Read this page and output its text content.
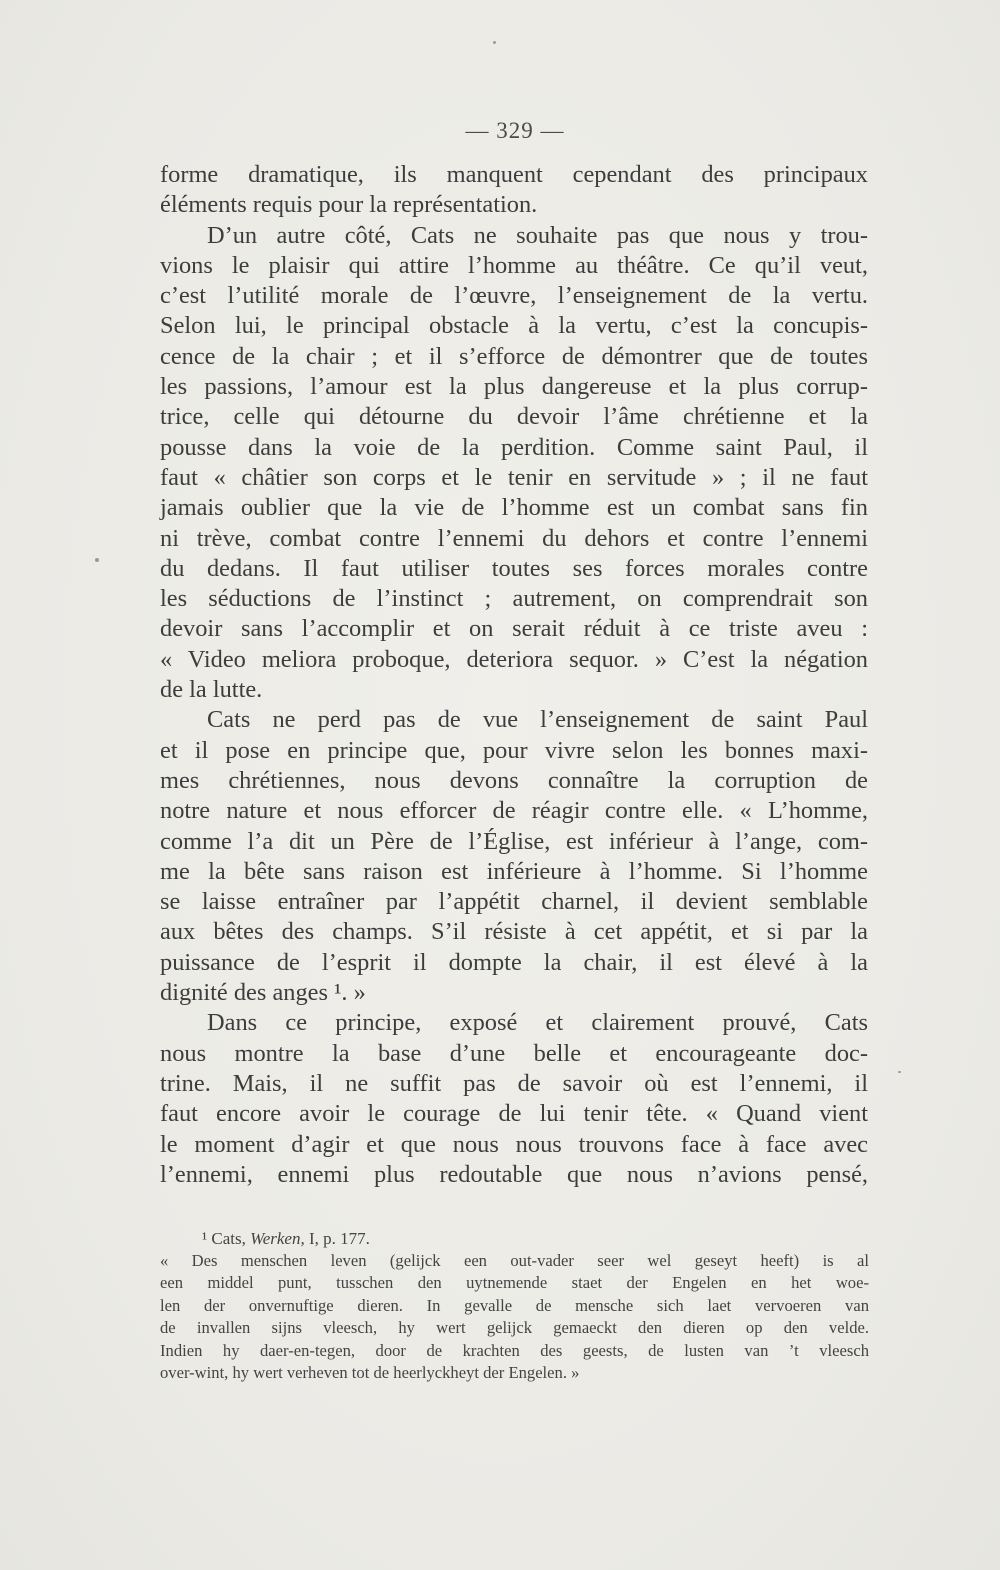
— 329 —
forme dramatique, ils manquent cependant des principaux
éléments requis pour la représentation.
D’un autre côté, Cats ne souhaite pas que nous y trou-
vions le plaisir qui attire l’homme au théâtre. Ce qu’il veut,
c’est l’utilité morale de l’œuvre, l’enseignement de la vertu.
Selon lui, le principal obstacle à la vertu, c’est la concupis-
cence de la chair ; et il s’efforce de démontrer que de toutes
les passions, l’amour est la plus dangereuse et la plus corrup-
trice, celle qui détourne du devoir l’âme chrétienne et la
pousse dans la voie de la perdition. Comme saint Paul, il
faut « châtier son corps et le tenir en servitude » ; il ne faut
jamais oublier que la vie de l’homme est un combat sans fin
ni trève, combat contre l’ennemi du dehors et contre l’ennemi
du dedans. Il faut utiliser toutes ses forces morales contre
les séductions de l’instinct ; autrement, on comprendrait son
devoir sans l’accomplir et on serait réduit à ce triste aveu :
« Video meliora proboque, deteriora sequor. » C’est la négation
de la lutte.
Cats ne perd pas de vue l’enseignement de saint Paul
et il pose en principe que, pour vivre selon les bonnes maxi-
mes chrétiennes, nous devons connaître la corruption de
notre nature et nous efforcer de réagir contre elle. « L’homme,
comme l’a dit un Père de l’Église, est inférieur à l’ange, com-
me la bête sans raison est inférieure à l’homme. Si l’homme
se laisse entraîner par l’appétit charnel, il devient semblable
aux bêtes des champs. S’il résiste à cet appétit, et si par la
puissance de l’esprit il dompte la chair, il est élevé à la
dignité des anges ¹. »
Dans ce principe, exposé et clairement prouvé, Cats
nous montre la base d’une belle et encourageante doc-
trine. Mais, il ne suffit pas de savoir où est l’ennemi, il
faut encore avoir le courage de lui tenir tête. « Quand vient
le moment d’agir et que nous nous trouvons face à face avec
l’ennemi, ennemi plus redoutable que nous n’avions pensé,
¹ Cats, Werken, I, p. 177.
« Des menschen leven (gelijck een out-vader seer wel geseyt heeft) is al
een middel punt, tusschen den uytnemende staet der Engelen en het woe-
len der onvernuftige dieren. In gevalle de mensche sich laet vervoeren van
de invallen sijns vleesch, hy wert gelijck gemaeckt den dieren op den velde.
Indien hy daer-en-tegen, door de krachten des geests, de lusten van ’t vleesch
over-wint, hy wert verheven tot de heerlyckheyt der Engelen. »
